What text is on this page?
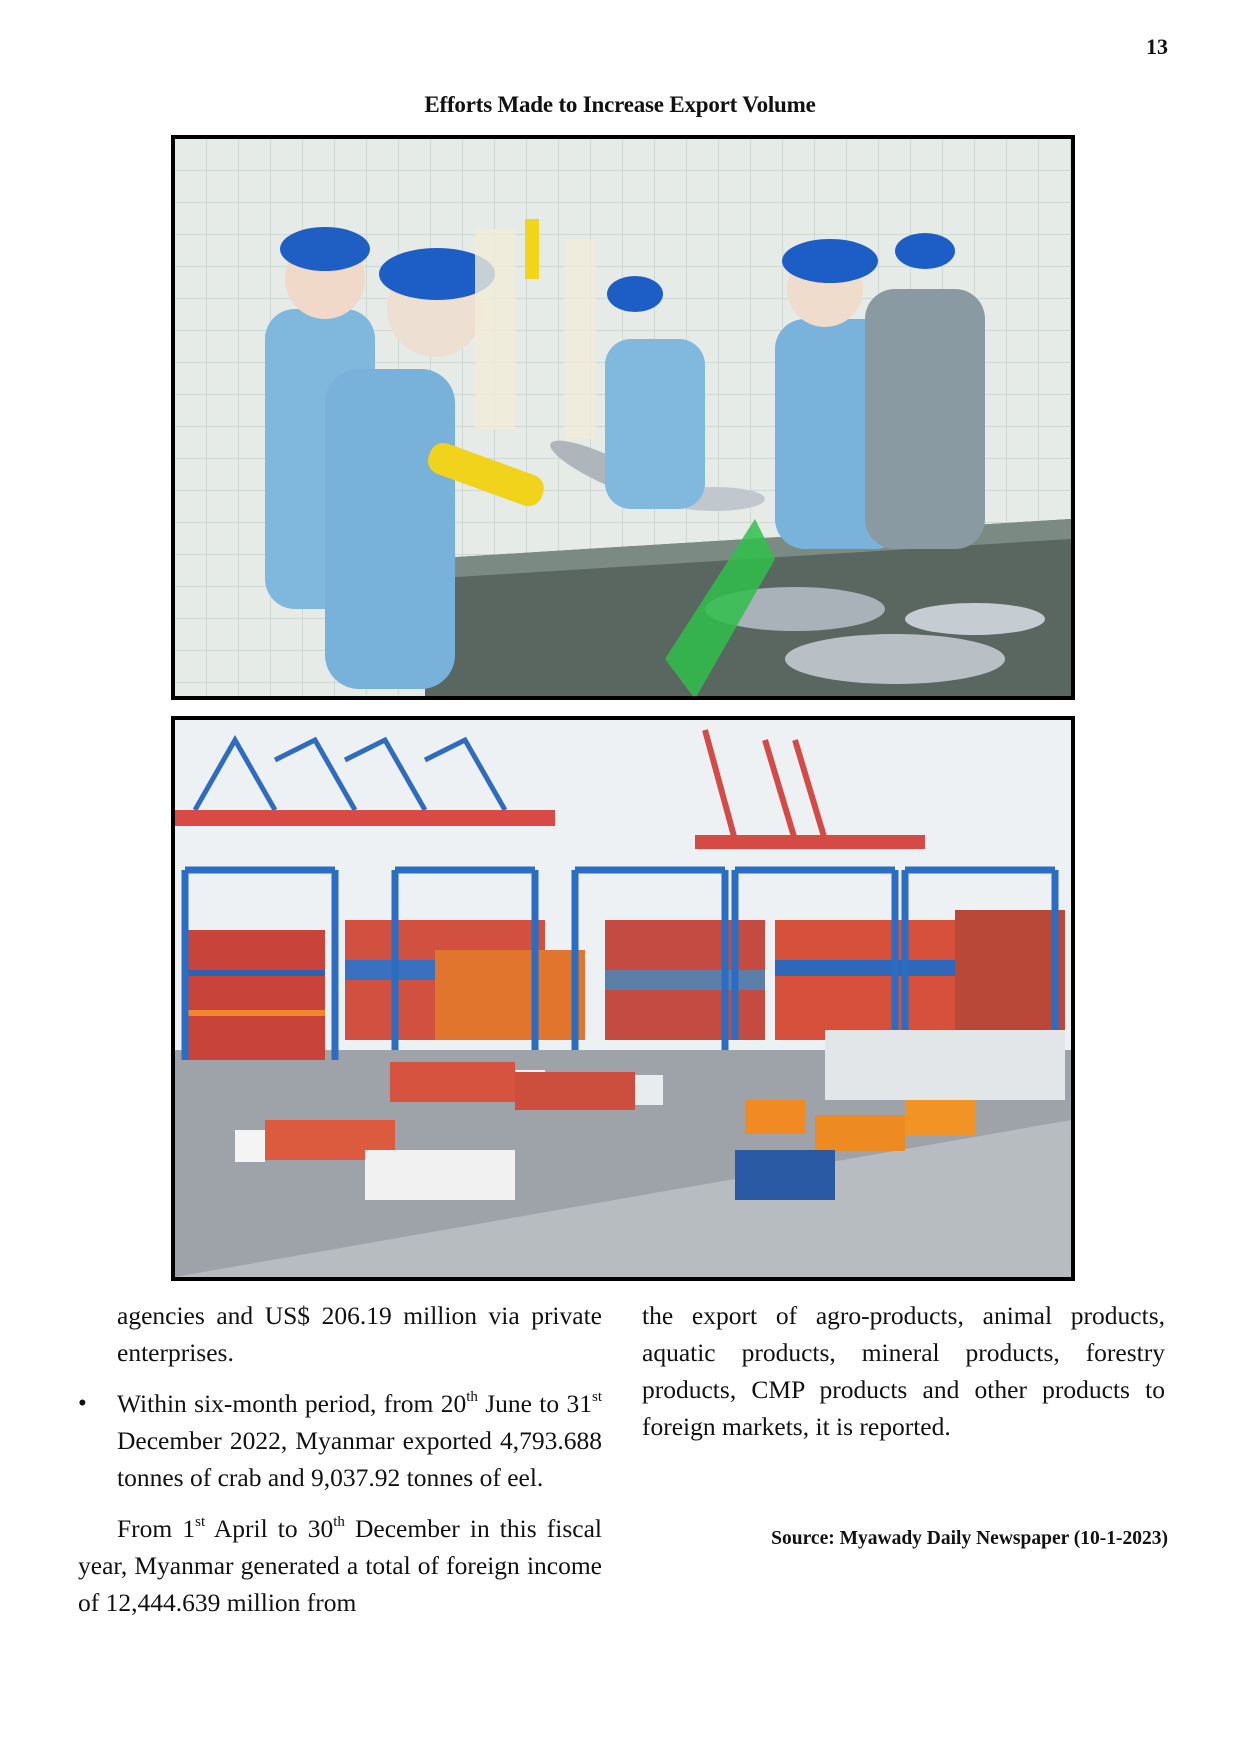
13
Efforts Made to Increase Export Volume

agencies and US$ 206.19 million via private enterprises.

• Within six-month period, from 20th June to 31st December 2022, Myanmar exported 4,793.688 tonnes of crab and 9,037.92 tonnes of eel.

From 1st April to 30th December in this fiscal year, Myanmar generated a total of foreign income of 12,444.639 million from

the export of agro-products, animal products, aquatic products, mineral products, forestry products, CMP products and other products to foreign markets, it is reported.

Source: Myawady Daily Newspaper (10-1-2023)
